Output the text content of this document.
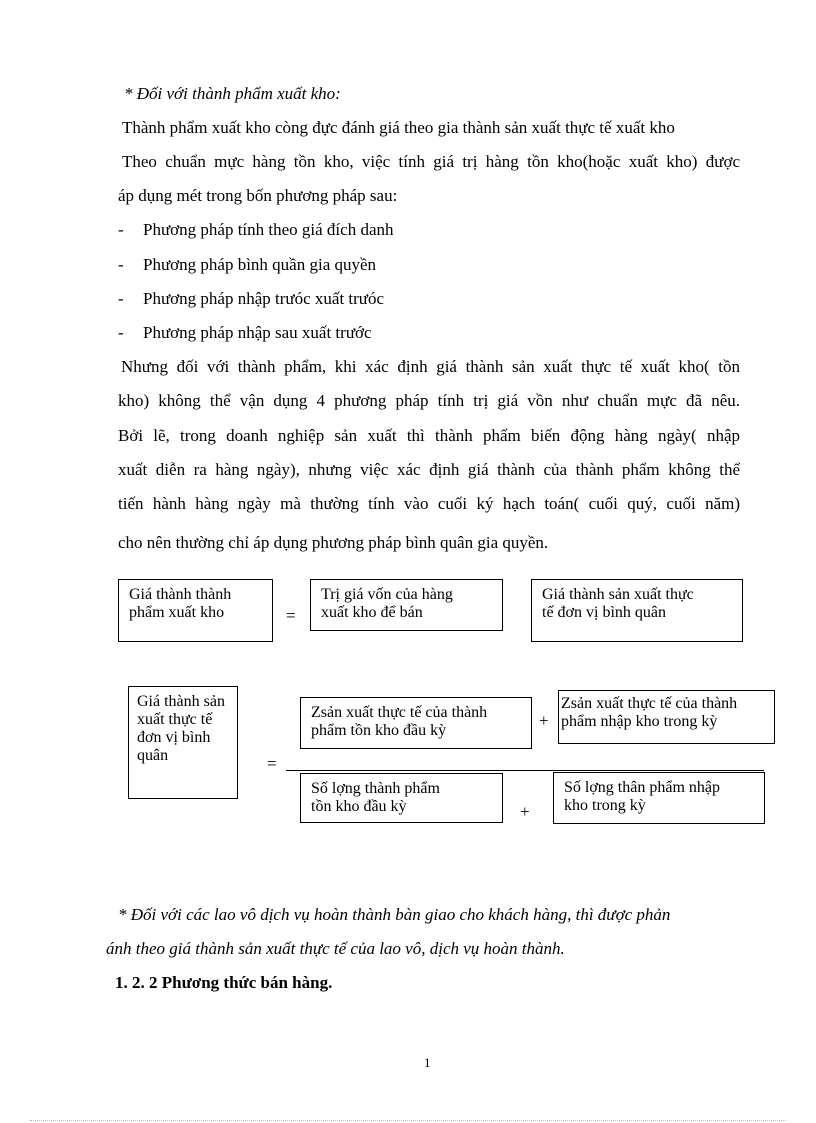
* Đối với thành phẩm xuất kho:
Thành phẩm xuất kho còng đực đánh giá theo gia thành sản xuất thực tế xuất kho
Theo chuẩn mực hàng tồn kho, việc tính giá trị hàng tồn kho(hoặc xuất kho) được
áp dụng mét trong bốn phương pháp sau:
- Phương pháp tính theo giá đích danh
- Phương pháp bình quần gia quyền
- Phương pháp nhập trưóc xuất trưóc
- Phương pháp nhập sau xuất trước
Nhưng đối với thành phẩm, khi xác định giá thành sản xuất thực tế xuất kho( tồn
kho) không thể vận dụng 4 phương pháp tính trị giá vồn như chuẩn mực đã nêu.
Bởi lẽ, trong doanh nghiệp sản xuất thì thành phẩm biến động hàng ngày( nhập
xuất diễn ra hàng ngày), nhưng việc xác định giá thành của thành phẩm không thể
tiến hành hàng ngày mà thường tính vào cuối ký hạch toán( cuối quý, cuối năm)
cho nên thường chỉ áp dụng phương pháp bình quân gia quyền.
Giá thành thành
phẩm xuất kho	=
Trị giá vốn của hàng
xuất kho để bán
Giá thành sản xuất thực
tế đơn vị bình quân
Giá thành sản
xuất thực tế
đơn vị bình
quân	=
Zsản xuất thực tế của thành
phẩm tồn kho đầu kỳ
+
Zsản xuất thực tế của thành
phẩm nhập kho trong kỳ
Số lợng thành phẩm
tồn kho đầu kỳ	+
Số lợng thân phẩm nhập
kho trong kỳ
* Đối với các lao vô dịch vụ hoàn thành bàn giao cho khách hàng, thì được phản
ánh theo giá thành sản xuất thực tế của lao vô, dịch vụ hoàn thành.
1. 2. 2 Phương thức bán hàng.
1
